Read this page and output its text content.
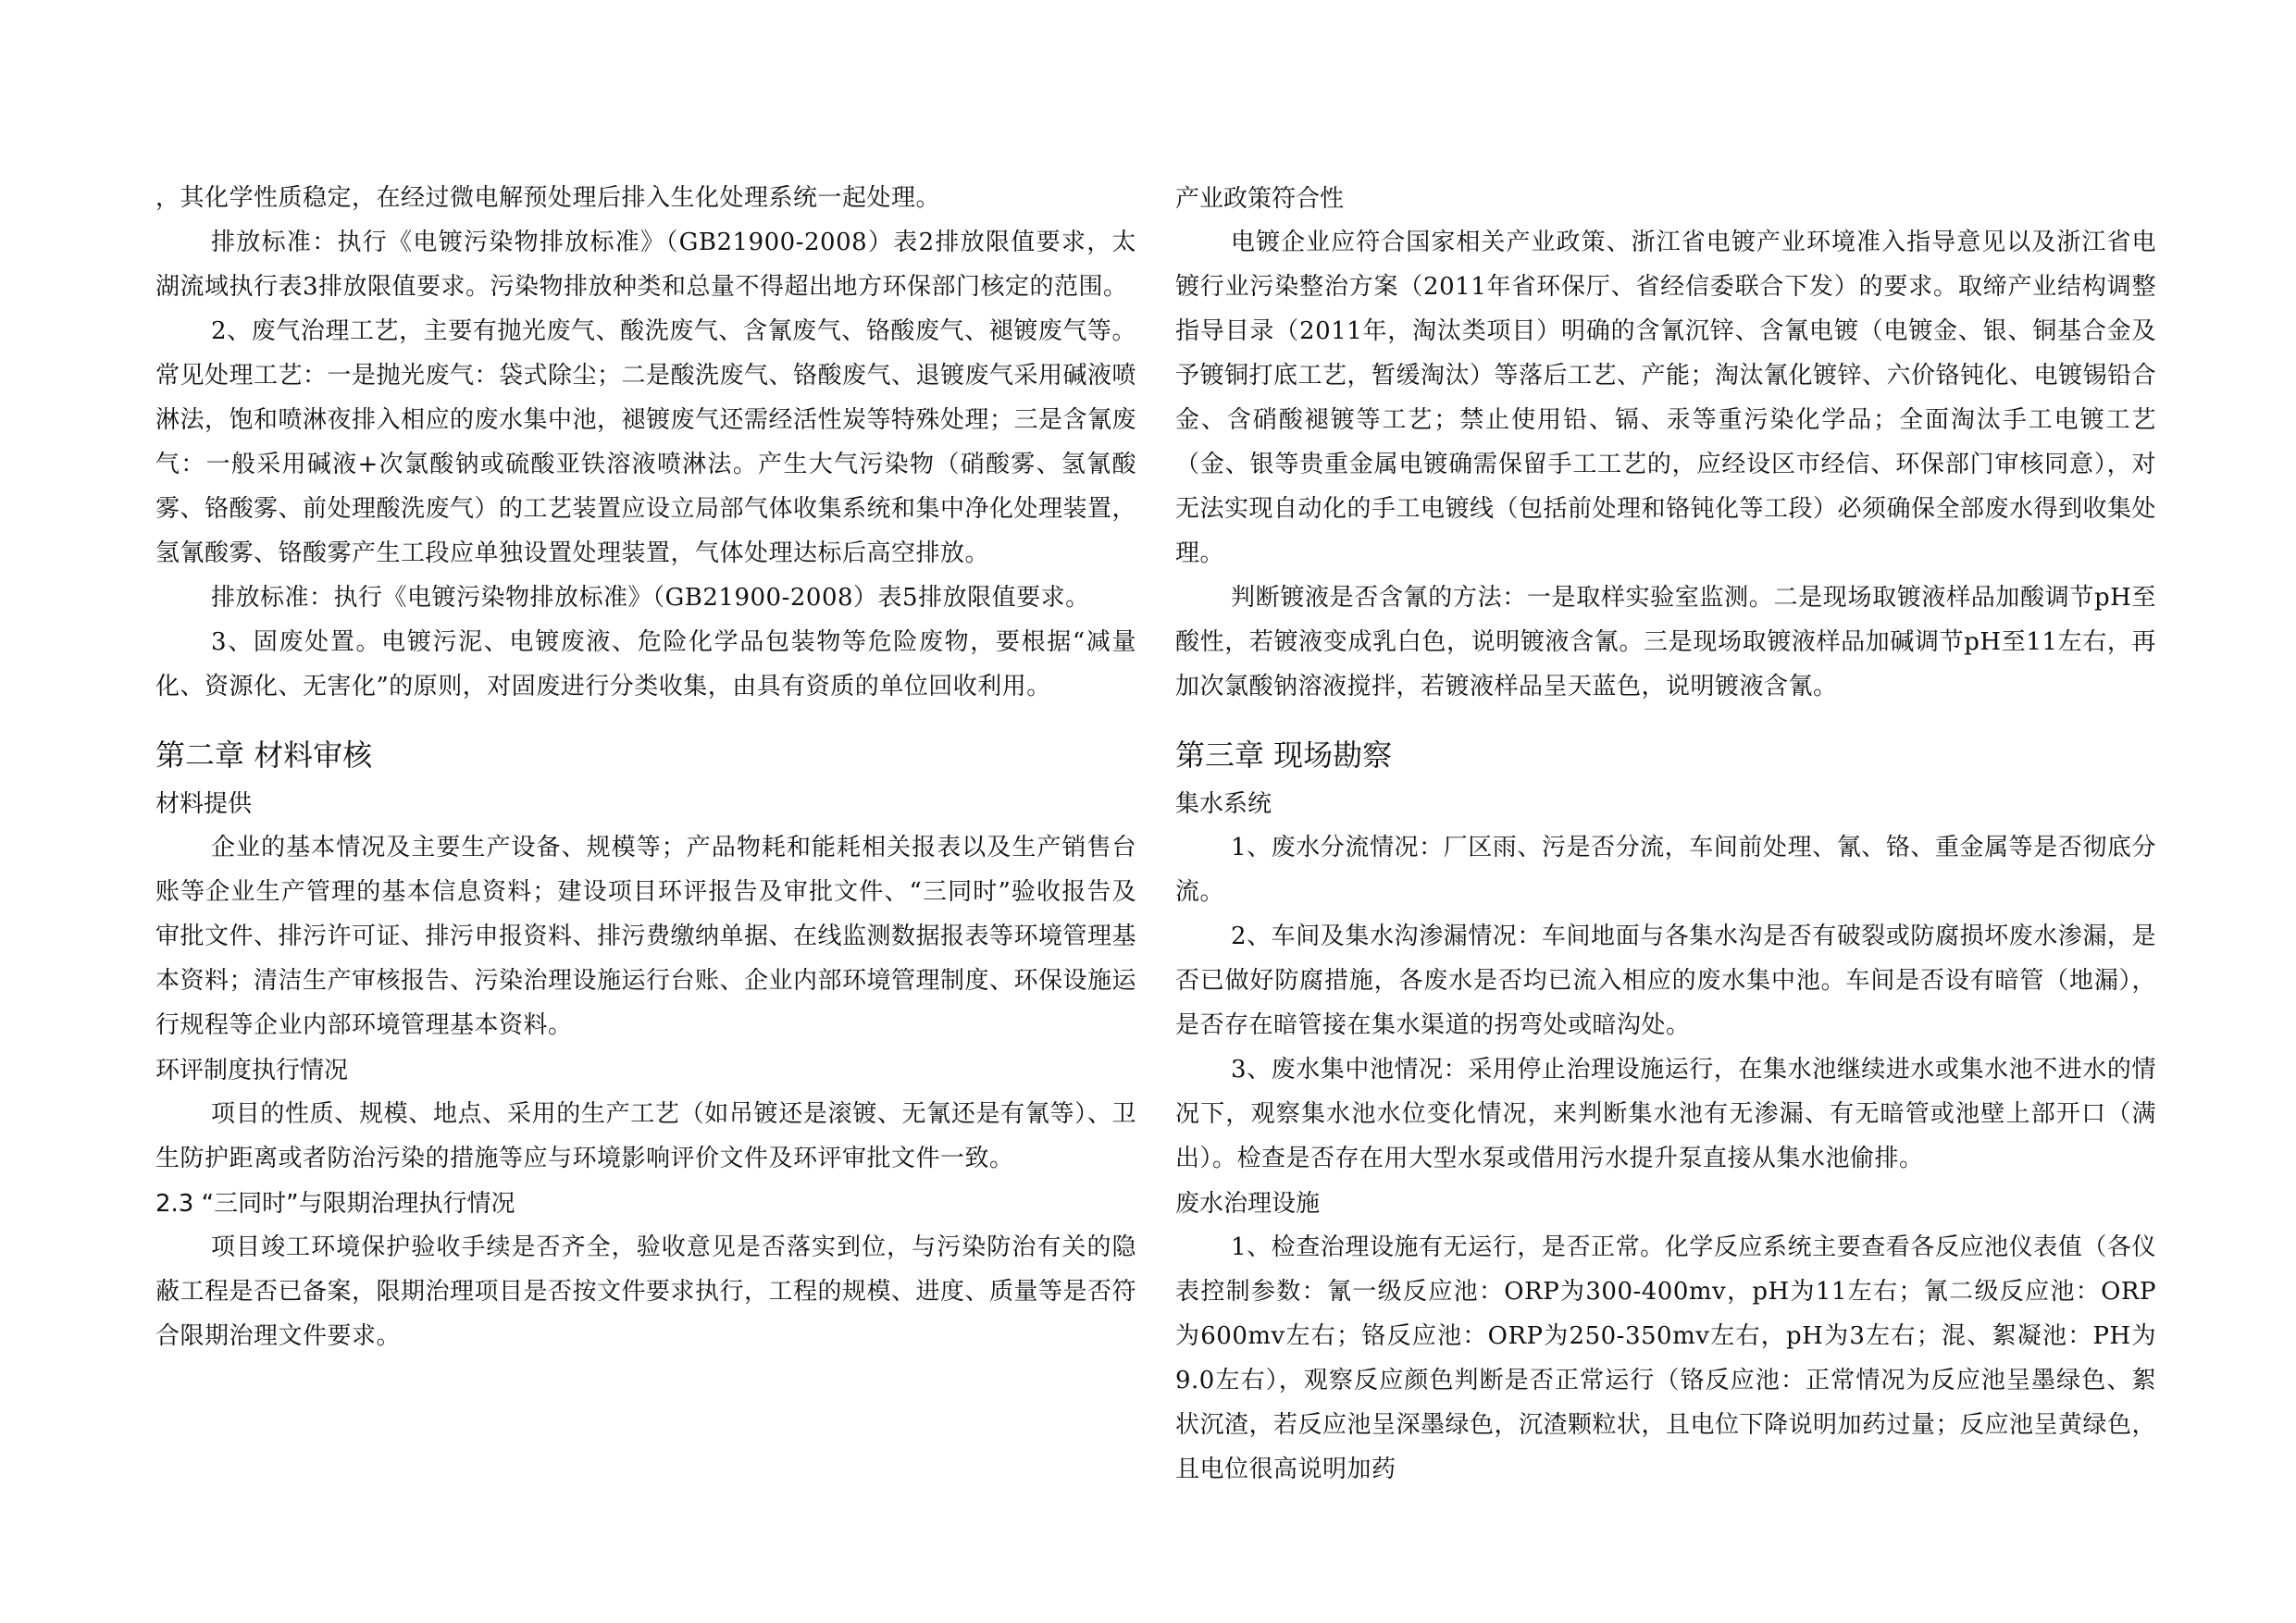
，其化学性质稳定，在经过微电解预处理后排入生化处理系统一起处理。

排放标准：执行《电镀污染物排放标准》（GB21900-2008）表2排放限值要求，太湖流域执行表3排放限值要求。污染物排放种类和总量不得超出地方环保部门核定的范围。

2、废气治理工艺，主要有抛光废气、酸洗废气、含氰废气、铬酸废气、褪镀废气等。常见处理工艺：一是抛光废气：袋式除尘；二是酸洗废气、铬酸废气、退镀废气采用碱液喷淋法，饱和喷淋夜排入相应的废水集中池，褪镀废气还需经活性炭等特殊处理；三是含氰废气：一般采用碱液+次氯酸钠或硫酸亚铁溶液喷淋法。产生大气污染物（硝酸雾、氢氰酸雾、铬酸雾、前处理酸洗废气）的工艺装置应设立局部气体收集系统和集中净化处理装置，氢氰酸雾、铬酸雾产生工段应单独设置处理装置，气体处理达标后高空排放。

排放标准：执行《电镀污染物排放标准》（GB21900-2008）表5排放限值要求。

3、固废处置。电镀污泥、电镀废液、危险化学品包装物等危险废物，要根据“减量化、资源化、无害化”的原则，对固废进行分类收集，由具有资质的单位回收利用。

第二章 材料审核
材料提供

企业的基本情况及主要生产设备、规模等；产品物耗和能耗相关报表以及生产销售台账等企业生产管理的基本信息资料；建设项目环评报告及审批文件、“三同时”验收报告及审批文件、排污许可证、排污申报资料、排污费缴纳单据、在线监测数据报表等环境管理基本资料；清洁生产审核报告、污染治理设施运行台账、企业内部环境管理制度、环保设施运行规程等企业内部环境管理基本资料。

环评制度执行情况

项目的性质、规模、地点、采用的生产工艺（如吊镀还是滚镀、无氰还是有氰等）、卫生防护距离或者防治污染的措施等应与环境影响评价文件及环评审批文件一致。

2.3 “三同时”与限期治理执行情况

项目竣工环境保护验收手续是否齐全，验收意见是否落实到位，与污染防治有关的隐蔽工程是否已备案，限期治理项目是否按文件要求执行，工程的规模、进度、质量等是否符合限期治理文件要求。

产业政策符合性

电镀企业应符合国家相关产业政策、浙江省电镀产业环境准入指导意见以及浙江省电镀行业污染整治方案（2011年省环保厅、省经信委联合下发）的要求。取缔产业结构调整指导目录（2011年，淘汰类项目）明确的含氰沉锌、含氰电镀（电镀金、银、铜基合金及予镀铜打底工艺，暂缓淘汰）等落后工艺、产能；淘汰氰化镀锌、六价铬钝化、电镀锡铅合金、含硝酸褪镀等工艺；禁止使用铅、镉、汞等重污染化学品；全面淘汰手工电镀工艺（金、银等贵重金属电镀确需保留手工工艺的，应经设区市经信、环保部门审核同意），对无法实现自动化的手工电镀线（包括前处理和铬钝化等工段）必须确保全部废水得到收集处理。

判断镀液是否含氰的方法：一是取样实验室监测。二是现场取镀液样品加酸调节pH至酸性，若镀液变成乳白色，说明镀液含氰。三是现场取镀液样品加碱调节pH至11左右，再加次氯酸钠溶液搅拌，若镀液样品呈天蓝色，说明镀液含氰。

第三章 现场勘察
集水系统

1、废水分流情况：厂区雨、污是否分流，车间前处理、氰、铬、重金属等是否彻底分流。

2、车间及集水沟渗漏情况：车间地面与各集水沟是否有破裂或防腐损坏废水渗漏，是否已做好防腐措施，各废水是否均已流入相应的废水集中池。车间是否设有暗管（地漏），是否存在暗管接在集水渠道的拐弯处或暗沟处。

3、废水集中池情况：采用停止治理设施运行，在集水池继续进水或集水池不进水的情况下，观察集水池水位变化情况，来判断集水池有无渗漏、有无暗管或池壁上部开口（满出）。检查是否存在用大型水泵或借用污水提升泵直接从集水池偷排。

废水治理设施

1、检查治理设施有无运行，是否正常。化学反应系统主要查看各反应池仪表值（各仪表控制参数：氰一级反应池：ORP为300-400mv，pH为11左右；氰二级反应池：ORP为600mv左右；铬反应池：ORP为250-350mv左右，pH为3左右；混、絮凝池：PH为9.0左右），观察反应颜色判断是否正常运行（铬反应池：正常情况为反应池呈墨绿色、絮状沉渣，若反应池呈深墨绿色，沉渣颗粒状，且电位下降说明加药过量；反应池呈黄绿色，且电位很高说明加药
